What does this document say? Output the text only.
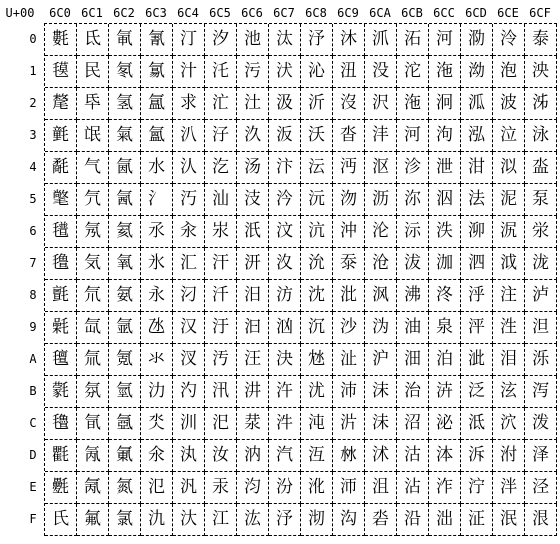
U+00	6C0 6C1 6C2 6C3 6C4 6C5 6C6 6C7 6C8 6C9 6CA 6CB 6CC 6CD 6CE 6CF
0
1
2
3
4
5
6
7
8
9
A
B
C
D
E
F
氀 氐 氠 氰 汀 汐 池 汰 汿 沐 沠 沰 河 泐 泠 泰
氁 民 氡 氱 汁 汑 污 汱 沁 沑 没 沱 沲 泑 泡 泱
氂 氒 氢 氲 求 汒 汢 汲 沂 沒 沢 沲 泂 泒 波 泲
氃 氓 氣 氳 汃 汓 汣 汳 沃 沓 沣 河 泃 泓 泣 泳
氄 气 氤 水 汄 汔 汤 汴 沄 沔 沤 沴 泄 泔 泤 泴
氅 氕 氥 氵 汅 汕 汥 汵 沅 沕 沥 沵 泅 法 泥 泵
氆 氖 氦 氶 汆 汖 汦 汶 沆 沖 沦 沶 泆 泖 泦 泶
氇 気 氧 氷 汇 汗 汧 汷 沇 沗 沧 沷 泇 泗 泧 泷
氈 氘 氨 永 汈 汘 汨 汸 沈 沘 沨 沸 泈 泘 注 泸
氉 氙 氩 氹 汉 汙 汩 汹 沉 沙 沩 油 泉 泙 泩 泹
氊 氚 氪 氺 汊 汚 汪 決 沊 沚 沪 沺 泊 泚 泪 泺
氋 氛 氫 氻 汋 汛 汫 汻 沋 沛 沫 治 泋 泛 泫 泻
氌 氜 氬 氼 汌 汜 汬 汼 沌 沜 沬 沼 泌 泜 泬 泼
氍 氝 氭 氽 汍 汝 汭 汽 沍 沝 沭 沽 泍 泝 泭 泽
氎 氞 氮 氾 汎 汞 汮 汾 沎 沞 沮 沾 泎 泞 泮 泾
氏 氟 氯 氿 汏 江 汯 汿 沏 沟 沯 沿 泏 泟 泯 泿
